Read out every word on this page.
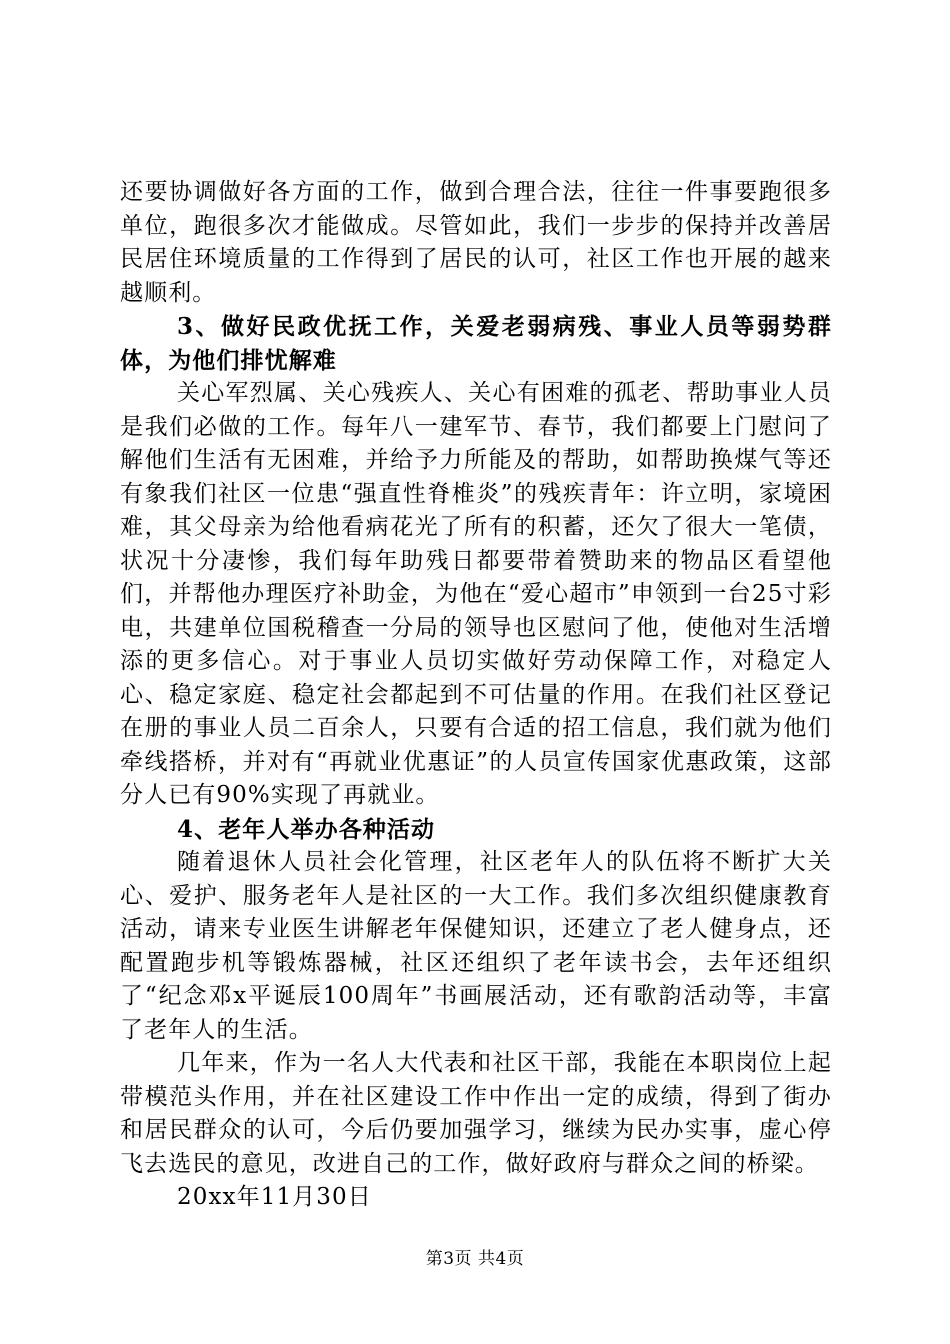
还要协调做好各方面的工作，做到合理合法，往往一件事要跑很多单位，跑很多次才能做成。尽管如此，我们一步步的保持并改善居民居住环境质量的工作得到了居民的认可，社区工作也开展的越来越顺利。

3、做好民政优抚工作，关爱老弱病残、事业人员等弱势群体，为他们排忧解难

关心军烈属、关心残疾人、关心有困难的孤老、帮助事业人员是我们必做的工作。每年八一建军节、春节，我们都要上门慰问了解他们生活有无困难，并给予力所能及的帮助，如帮助换煤气等还有象我们社区一位患“强直性脊椎炎”的残疾青年：许立明，家境困难，其父母亲为给他看病花光了所有的积蓄，还欠了很大一笔债，状况十分凄惨，我们每年助残日都要带着赞助来的物品区看望他们，并帮他办理医疗补助金，为他在“爱心超市”申领到一台25寸彩电，共建单位国税稽查一分局的领导也区慰问了他，使他对生活增添的更多信心。对于事业人员切实做好劳动保障工作，对稳定人心、稳定家庭、稳定社会都起到不可估量的作用。在我们社区登记在册的事业人员二百余人，只要有合适的招工信息，我们就为他们牵线搭桥，并对有“再就业优惠证”的人员宣传国家优惠政策，这部分人已有90%实现了再就业。

4、老年人举办各种活动

随着退休人员社会化管理，社区老年人的队伍将不断扩大关心、爱护、服务老年人是社区的一大工作。我们多次组织健康教育活动，请来专业医生讲解老年保健知识，还建立了老人健身点，还配置跑步机等锻炼器械，社区还组织了老年读书会，去年还组织了“纪念邓x平诞辰100周年”书画展活动，还有歌韵活动等，丰富了老年人的生活。

几年来，作为一名人大代表和社区干部，我能在本职岗位上起带模范头作用，并在社区建设工作中作出一定的成绩，得到了街办和居民群众的认可，今后仍要加强学习，继续为民办实事，虚心停飞去选民的意见，改进自己的工作，做好政府与群众之间的桥梁。

20xx年11月30日

第3页 共4页
